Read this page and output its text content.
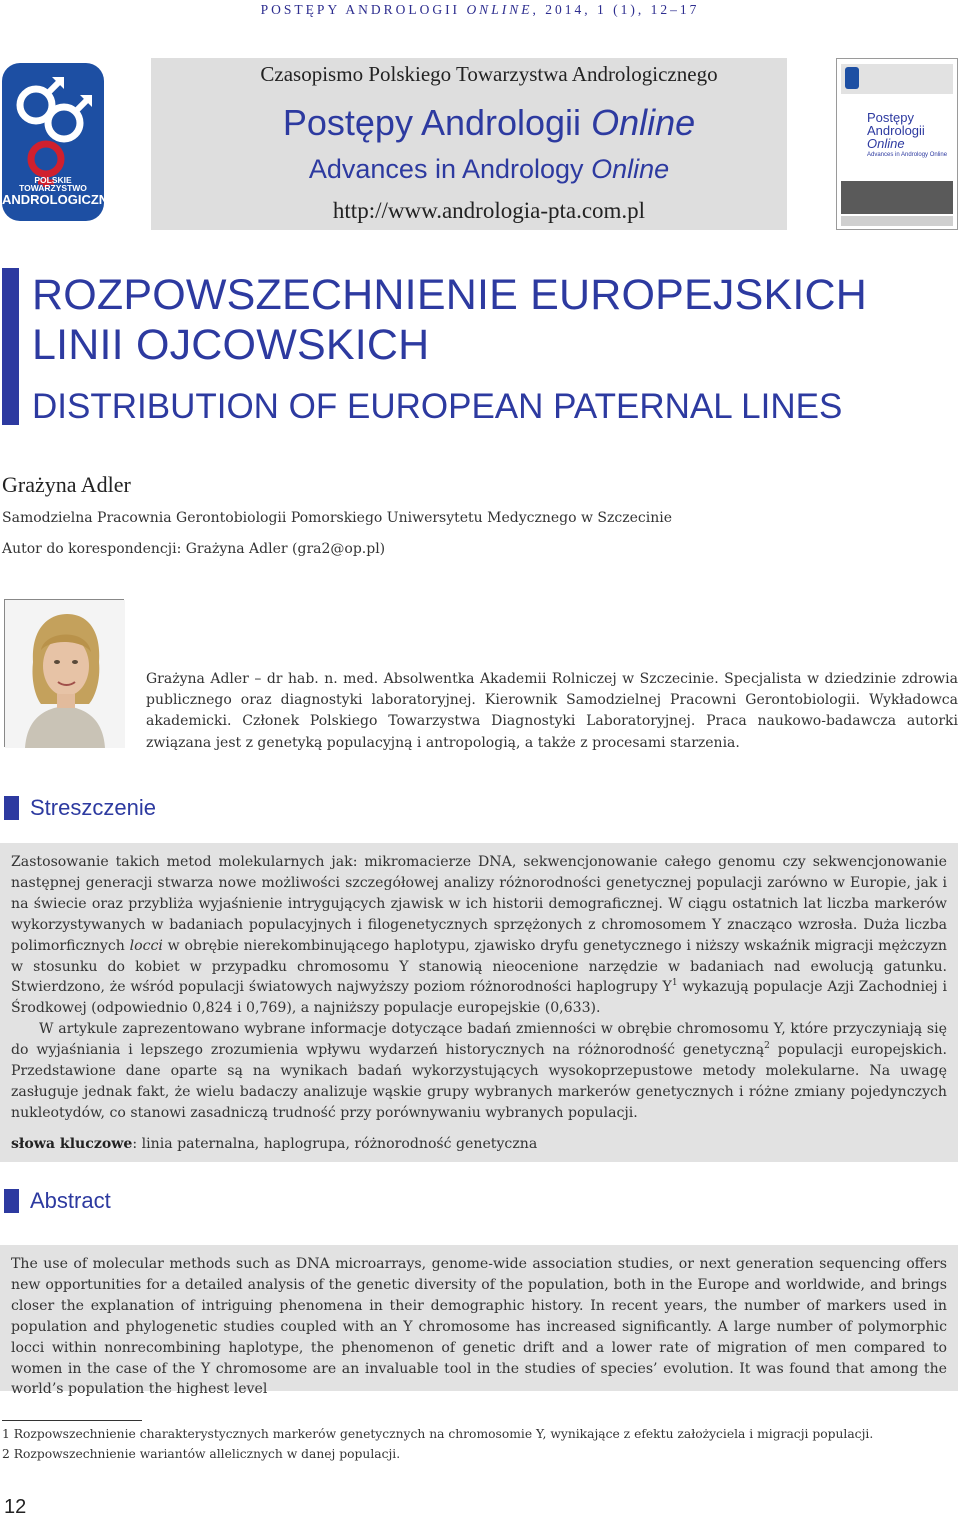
POSTĘPY ANDROLOGII ONLINE, 2014, 1 (1), 12–17
POLSKIE TOWARZYSTWO
ANDROLOGICZNE
Czasopismo Polskiego Towarzystwa Andrologicznego
Postępy Andrologii Online
Advances in Andrology Online
http://www.andrologia-pta.com.pl
Postępy
Andrologii
Online
Advances in Andrology Online
ROZPOWSZECHNIENIE EUROPEJSKICH
LINII OJCOWSKICH
DISTRIBUTION OF EUROPEAN PATERNAL LINES
Grażyna Adler
Samodzielna Pracownia Gerontobiologii Pomorskiego Uniwersytetu Medycznego w Szczecinie
Autor do korespondencji: Grażyna Adler (gra2@op.pl)
Grażyna Adler – dr hab. n. med. Absolwentka Akademii Rolniczej w Szczecinie. Specjalista w dziedzinie zdrowia publicznego oraz diagnostyki laboratoryjnej. Kierownik Samodzielnej Pracowni Gerontobiologii. Wykładowca akademicki. Członek Polskiego Towarzystwa Diagnostyki Laboratoryjnej. Praca naukowo-badawcza autorki związana jest z genetyką populacyjną i antropologią, a także z procesami starzenia.
Streszczenie

Zastosowanie takich metod molekularnych jak: mikromacierze DNA, sekwencjonowanie całego genomu czy sekwencjonowanie następnej generacji stwarza nowe możliwości szczegółowej analizy różnorodności genetycznej populacji zarówno w Europie, jak i na świecie oraz przybliża wyjaśnienie intrygujących zjawisk w ich historii demograficznej. W ciągu ostatnich lat liczba markerów wykorzystywanych w badaniach populacyjnych i filogenetycznych sprzężonych z chromosomem Y znacząco wzrosła. Duża liczba polimorficznych locci w obrębie nierekombinującego haplotypu, zjawisko dryfu genetycznego i niższy wskaźnik migracji mężczyzn w stosunku do kobiet w przypadku chromosomu Y stanowią nieocenione narzędzie w badaniach nad ewolucją gatunku. Stwierdzono, że wśród populacji światowych najwyższy poziom różnorodności haplogrupy $Y^1$ wykazują populacje Azji Zachodniej i Środkowej (odpowiednio 0,824 i 0,769), a najniższy populacje europejskie (0,633).

W artykule zaprezentowano wybrane informacje dotyczące badań zmienności w obrębie chromosomu Y, które przyczyniają się do wyjaśniania i lepszego zrozumienia wpływu wydarzeń historycznych na różnorodność genetyczną$^2$ populacji europejskich. Przedstawione dane oparte są na wynikach badań wykorzystujących wysokoprzepustowe metody molekularne. Na uwagę zasługuje jednak fakt, że wielu badaczy analizuje wąskie grupy wybranych markerów genetycznych i różne zmiany pojedynczych nukleotydów, co stanowi zasadniczą trudność przy porównywaniu wybranych populacji.

słowa kluczowe: linia paternalna, haplogrupa, różnorodność genetyczna

Abstract

The use of molecular methods such as DNA microarrays, genome-wide association studies, or next generation sequencing offers new opportunities for a detailed analysis of the genetic diversity of the population, both in the Europe and worldwide, and brings closer the explanation of intriguing phenomena in their demographic history. In recent years, the number of markers used in population and phylogenetic studies coupled with an Y chromosome has increased significantly. A large number of polymorphic locci within nonrecombining haplotype, the phenomenon of genetic drift and a lower rate of migration of men compared to women in the case of the Y chromosome are an invaluable tool in the studies of species’ evolution. It was found that among the world’s population the highest level

1 Rozpowszechnienie charakterystycznych markerów genetycznych na chromosomie Y, wynikające z efektu założyciela i migracji populacji.
2 Rozpowszechnienie wariantów allelicznych w danej populacji.
12
